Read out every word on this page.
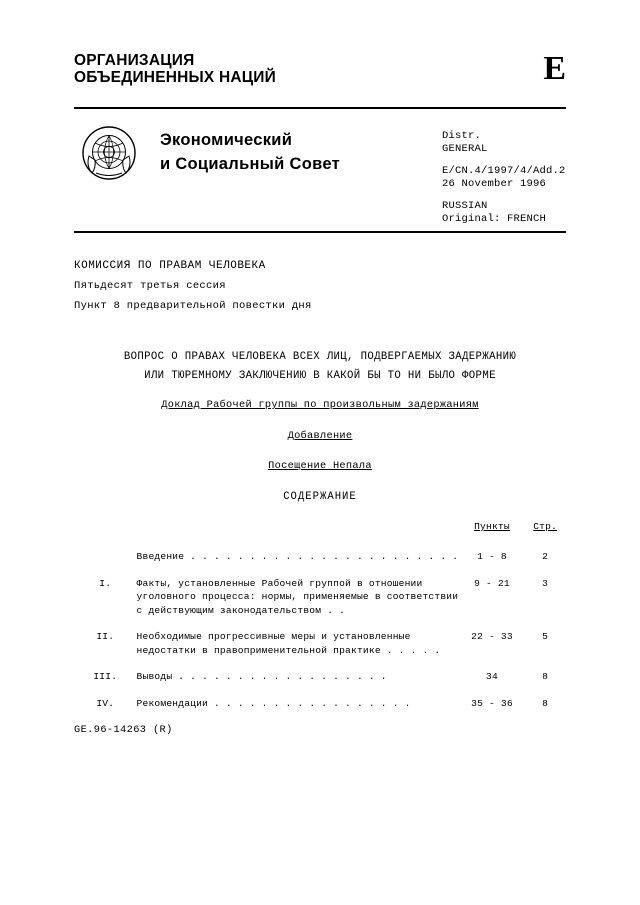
ОРГАНИЗАЦИЯ
ОБЪЕДИНЕННЫХ НАЦИЙ	E
Экономический
и Социальный Совет
Distr.
GENERAL
E/CN.4/1997/4/Add.2
26 November 1996
RUSSIAN
Original: FRENCH
КОМИССИЯ ПО ПРАВАМ ЧЕЛОВЕКА
Пятьдесят третья сессия
Пункт 8 предварительной повестки дня
ВОПРОС О ПРАВАХ ЧЕЛОВЕКА ВСЕХ ЛИЦ, ПОДВЕРГАЕМЫХ ЗАДЕРЖАНИЮ
ИЛИ ТЮРЕМНОМУ ЗАКЛЮЧЕНИЮ В КАКОЙ БЫ ТО НИ БЫЛО ФОРМЕ
Доклад Рабочей группы по произвольным задержаниям
Добавление
Посещение Непала
СОДЕРЖАНИЕ
		Пункты	Стр.
	Введение . . . . . . . . . . . . . . . . . . . . . . .	1 - 8	2
I.	Факты, установленные Рабочей группой в отношении уголовного процесса: нормы, применяемые в соответствии с действующим законодательством . .	9 - 21	3
II.	Необходимые прогрессивные меры и установленные недостатки в правоприменительной практике . . . . .	22 - 33	5
III.	Выводы . . . . . . . . . . . . . . . . . .	34	8
IV.	Рекомендации . . . . . . . . . . . . . . . . .	35 - 36	8
GE.96-14263 (R)
